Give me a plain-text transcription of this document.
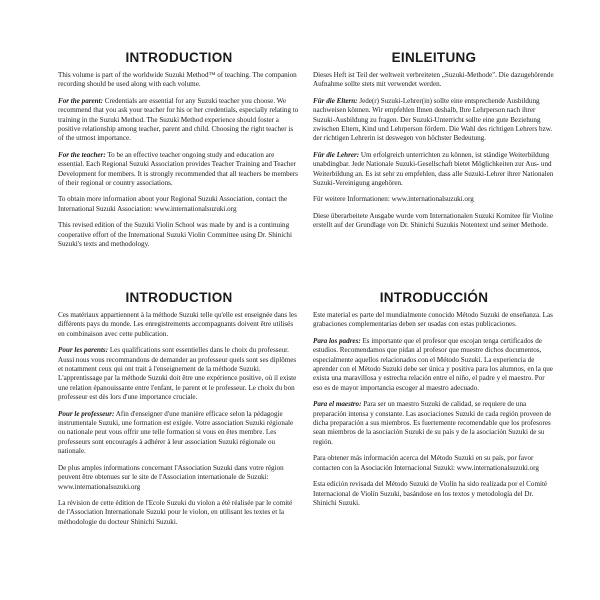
INTRODUCTION

This volume is part of the worldwide Suzuki Method™ of teaching. The companion recording should be used along with each volume.

For the parent: Credentials are essential for any Suzuki teacher you choose. We recommend that you ask your teacher for his or her credentials, especially relating to training in the Suzuki Method. The Suzuki Method experience should foster a positive relationship among teacher, parent and child. Choosing the right teacher is of the utmost importance.

For the teacher: To be an effective teacher ongoing study and education are essential. Each Regional Suzuki Association provides Teacher Training and Teacher Development for members. It is strongly recommended that all teachers be members of their regional or country associations.

To obtain more information about your Regional Suzuki Association, contact the International Suzuki Association: www.internationalsuzuki.org

This revised edition of the Suzuki Violin School was made by and is a continuing cooperative effort of the International Suzuki Violin Committee using Dr. Shinichi Suzuki's texts and methodology.

EINLEITUNG

Dieses Heft ist Teil der weltweit verbreiteten „Suzuki-Methode". Die dazugehörende Aufnahme sollte stets mit verwendet werden.

Für die Eltern: Jede(r) Suzuki-Lehrer(in) sollte eine entsprechende Ausbildung nachweisen können. Wir empfehlen Ihnen deshalb, Ihre Lehrperson nach ihrer Suzuki-Ausbildung zu fragen. Der Suzuki-Unterricht sollte eine gute Beziehung zwischen Eltern, Kind und Lehrperson fördern. Die Wahl des richtigen Lehrers bzw. der richtigen Lehrerin ist deswegen von höchster Bedeutung.

Für die Lehrer: Um erfolgreich unterrichten zu können, ist ständige Weiterbildung unabdingbar. Jede Nationale Suzuki-Gesellschaft bietet Möglichkeiten zur Aus- und Weiterbildung an. Es ist sehr zu empfehlen, dass alle Suzuki-Lehrer ihrer Nationalen Suzuki-Vereinigung angehören.

Für weitere Informationen: www.internationalsuzuki.org

Diese überarbeitete Ausgabe wurde vom Internationalen Suzuki Komitee für Violine erstellt auf der Grundlage von Dr. Shinichi Suzukis Notentext und seiner Methode.

INTRODUCTION

Ces matériaux appartiennent à la méthode Suzuki telle qu'elle est enseignée dans les différents pays du monde. Les enregistrements accompagnants doivent être utilisés en combinaison avec cette publication.

Pour les parents: Les qualifications sont essentielles dans le choix du professeur. Aussi nous vous recommandons de demander au professeur quels sont ses diplômes et notamment ceux qui ont trait à l'enseignement de la méthode Suzuki. L'apprentissage par la méthode Suzuki doit être une expérience positive, où il existe une relation épanouissante entre l'enfant, le parent et le professeur. Le choix du bon professeur est dès lors d'une importance cruciale.

Pour le professeur: Afin d'enseigner d'une manière efficace selon la pédagogie instrumentale Suzuki, une formation est exigée. Votre association Suzuki régionale ou nationale peut vous offrir une telle formation si vous en êtes membre. Les professeurs sont encouragés à adhérer à leur association Suzuki régionale ou nationale.

De plus amples informations concernant l'Association Suzuki dans votre région peuvent être obtenues sur le site de l'Association internationale de Suzuki: www.internationalsuzuki.org

La révision de cette édition de l'Ecole Suzuki du violon a été réalisée par le comité de l'Association Internationale Suzuki pour le violon, en utilisant les textes et la méthodologie du docteur Shinichi Suzuki.

INTRODUCCIÓN

Este material es parte del mundialmente conocido Método Suzuki de enseñanza. Las grabaciones complementarias deben ser usadas con estas publicaciones.

Para los padres: Es importante que el profesor que escojan tenga certificados de estudios. Recomendamos que pidan al profesor que muestre dichos documentos, especialmente aquellos relacionados con el Método Suzuki. La experiencia de aprender con el Método Suzuki debe ser única y positiva para los alumnos, en la que exista una maravillosa y estrecha relación entre el niño, el padre y el maestro. Por eso es de mayor importancia escoger al maestro adecuado.

Para el maestro: Para ser un maestro Suzuki de calidad, se requiere de una preparación intensa y constante. Las asociaciones Suzuki de cada región proveen de dicha preparación a sus miembros. Es fuertemente recomendable que los profesores sean miembros de la asociación Suzuki de su país y de la asociación Suzuki de su región.

Para obtener más información acerca del Método Suzuki en su país, por favor contacten con la Asociación Internacional Suzuki: www.internationalsuzuki.org

Esta edición revisada del Método Suzuki de Violín ha sido realizada por el Comité Internacional de Violín Suzuki, basándose en los textos y metodología del Dr. Shinichi Suzuki.
